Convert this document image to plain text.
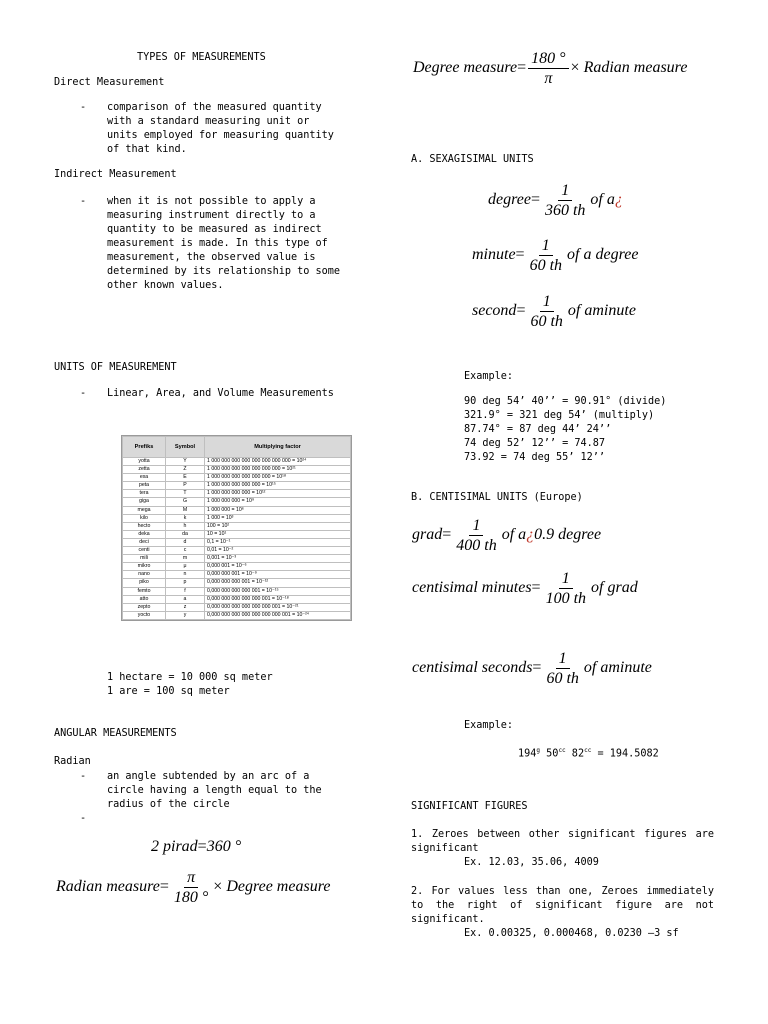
TYPES OF MEASUREMENTS
Direct Measurement
- comparison of the measured quantity
with a standard measuring unit or
units employed for measuring quantity
of that kind.
Indirect Measurement
- when it is not possible to apply a
measuring instrument directly to a
quantity to be measured as indirect
measurement is made. In this type of
measurement, the observed value is
determined by its relationship to some
other known values.
UNITS OF MEASUREMENT
- Linear, Area, and Volume Measurements
Prefiks	Symbol	Multiplying factor
yotta	Y	1 000 000 000 000 000 000 000 000 = 10²⁴
zetta	Z	1 000 000 000 000 000 000 000 = 10²¹
exa	E	1 000 000 000 000 000 000 = 10¹⁸
peta	P	1 000 000 000 000 000 = 10¹⁵
tera	T	1 000 000 000 000 = 10¹²
giga	G	1 000 000 000 = 10⁹
mega	M	1 000 000 = 10⁶
kilo	k	1 000 = 10³
hecto	h	100 = 10²
deka	da	10 = 10¹
deci	d	0,1 = 10⁻¹
centi	c	0,01 = 10⁻²
mili	m	0,001 = 10⁻³
mikro	μ	0,000 001 = 10⁻⁶
nano	n	0,000 000 001 = 10⁻⁹
piko	p	0,000 000 000 001 = 10⁻¹²
femto	f	0,000 000 000 000 001 = 10⁻¹⁵
atto	a	0,000 000 000 000 000 001 = 10⁻¹⁸
zepto	z	0,000 000 000 000 000 000 001 = 10⁻²¹
yocto	y	0,000 000 000 000 000 000 000 001 = 10⁻²⁴
1 hectare = 10 000 sq meter
1 are = 100 sq meter
ANGULAR MEASUREMENTS
Radian
- an angle subtended by an arc of a
circle having a length equal to the
radius of the circle
-
2 pirad=360 °
Radian measure= $\frac{\pi}{180 ^\circ}$ × Degree measure
Degree measure= $\frac{180 ^\circ}{\pi}$ × Radian measure
A. SEXAGISIMAL UNITS
degree= $\frac{1}{360 th}$ of a¿
minute= $\frac{1}{60 th}$ of a degree
second= $\frac{1}{60 th}$ of aminute
Example:
90 deg 54’ 40’’ = 90.91° (divide)
321.9° = 321 deg 54’ (multiply)
87.74° = 87 deg 44’ 24’’
74 deg 52’ 12’’ = 74.87
73.92 = 74 deg 55’ 12’’
B. CENTISIMAL UNITS (Europe)
grad= $\frac{1}{400 th}$ of a¿0.9 degree
centisimal minutes= $\frac{1}{100 th}$ of grad
centisimal seconds= $\frac{1}{60 th}$ of aminute
Example:
194$^g$ $50^{cc}$ $82^{cc} = 194.5082$
SIGNIFICANT FIGURES
1. Zeroes between other significant figures are significant
Ex. 12.03, 35.06, 4009
2. For values less than one, Zeroes immediately to the right of significant figure are not significant.
Ex. 0.00325, 0.000468, 0.0230 –3 sf
